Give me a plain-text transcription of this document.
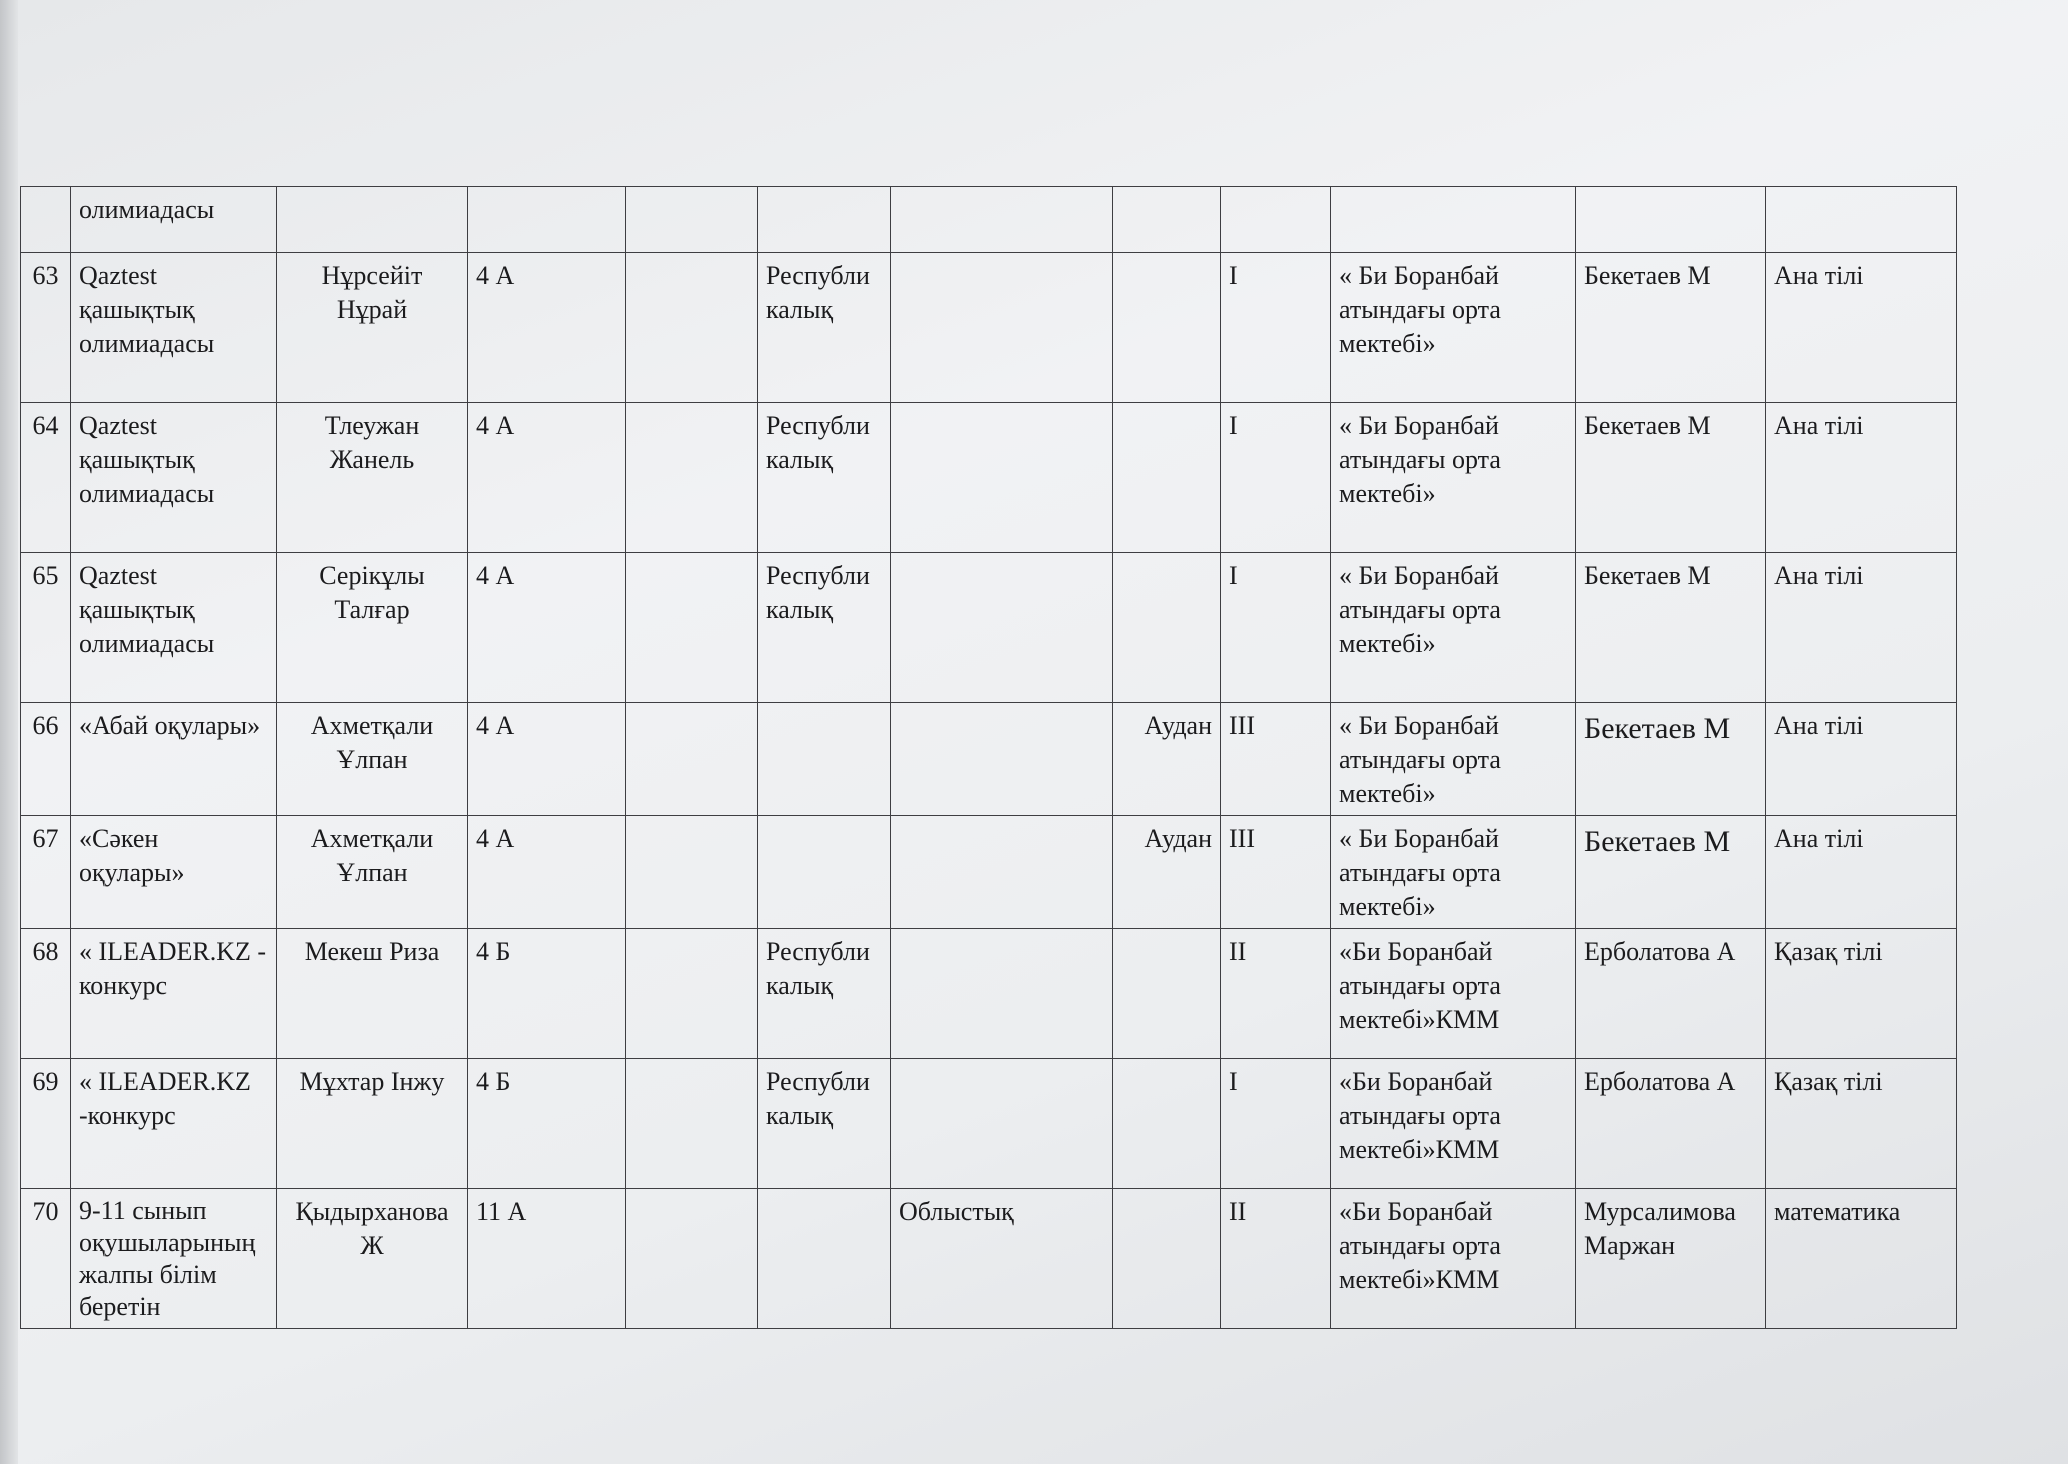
	олимиадасы										
63	Qaztest қашықтық олимиадасы	Нұрсейіт Нұрай	4 А		Республикалық			I	« Би Боранбай атындағы орта мектебі»	Бекетаев М	Ана тілі
64	Qaztest қашықтық олимиадасы	Тлеужан Жанель	4 А		Республикалық			I	« Би Боранбай атындағы орта мектебі»	Бекетаев М	Ана тілі
65	Qaztest қашықтық олимиадасы	Серікұлы Талғар	4 А		Республикалық			I	« Би Боранбай атындағы орта мектебі»	Бекетаев М	Ана тілі
66	«Абай оқулары»	Ахметқали Ұлпан	4 А				Аудан	III	« Би Боранбай атындағы орта мектебі»	Бекетаев М	Ана тілі
67	«Сәкен оқулары»	Ахметқали Ұлпан	4 А				Аудан	III	« Би Боранбай атындағы орта мектебі»	Бекетаев М	Ана тілі
68	« ILEADER.KZ - конкурс	Мекеш Риза	4 Б		Республикалық			II	«Би Боранбай атындағы орта мектебі»КММ	Ерболатова А	Қазақ тілі
69	« ILEADER.KZ -конкурс	Мұхтар Інжу	4 Б		Республикалық			I	«Би Боранбай атындағы орта мектебі»КММ	Ерболатова А	Қазақ тілі
70	9-11 сынып оқушыларының жалпы білім беретін	Қыдырханова Ж	11 А			Облыстық		II	«Би Боранбай атындағы орта мектебі»КММ	Мурсалимова Маржан	математика
